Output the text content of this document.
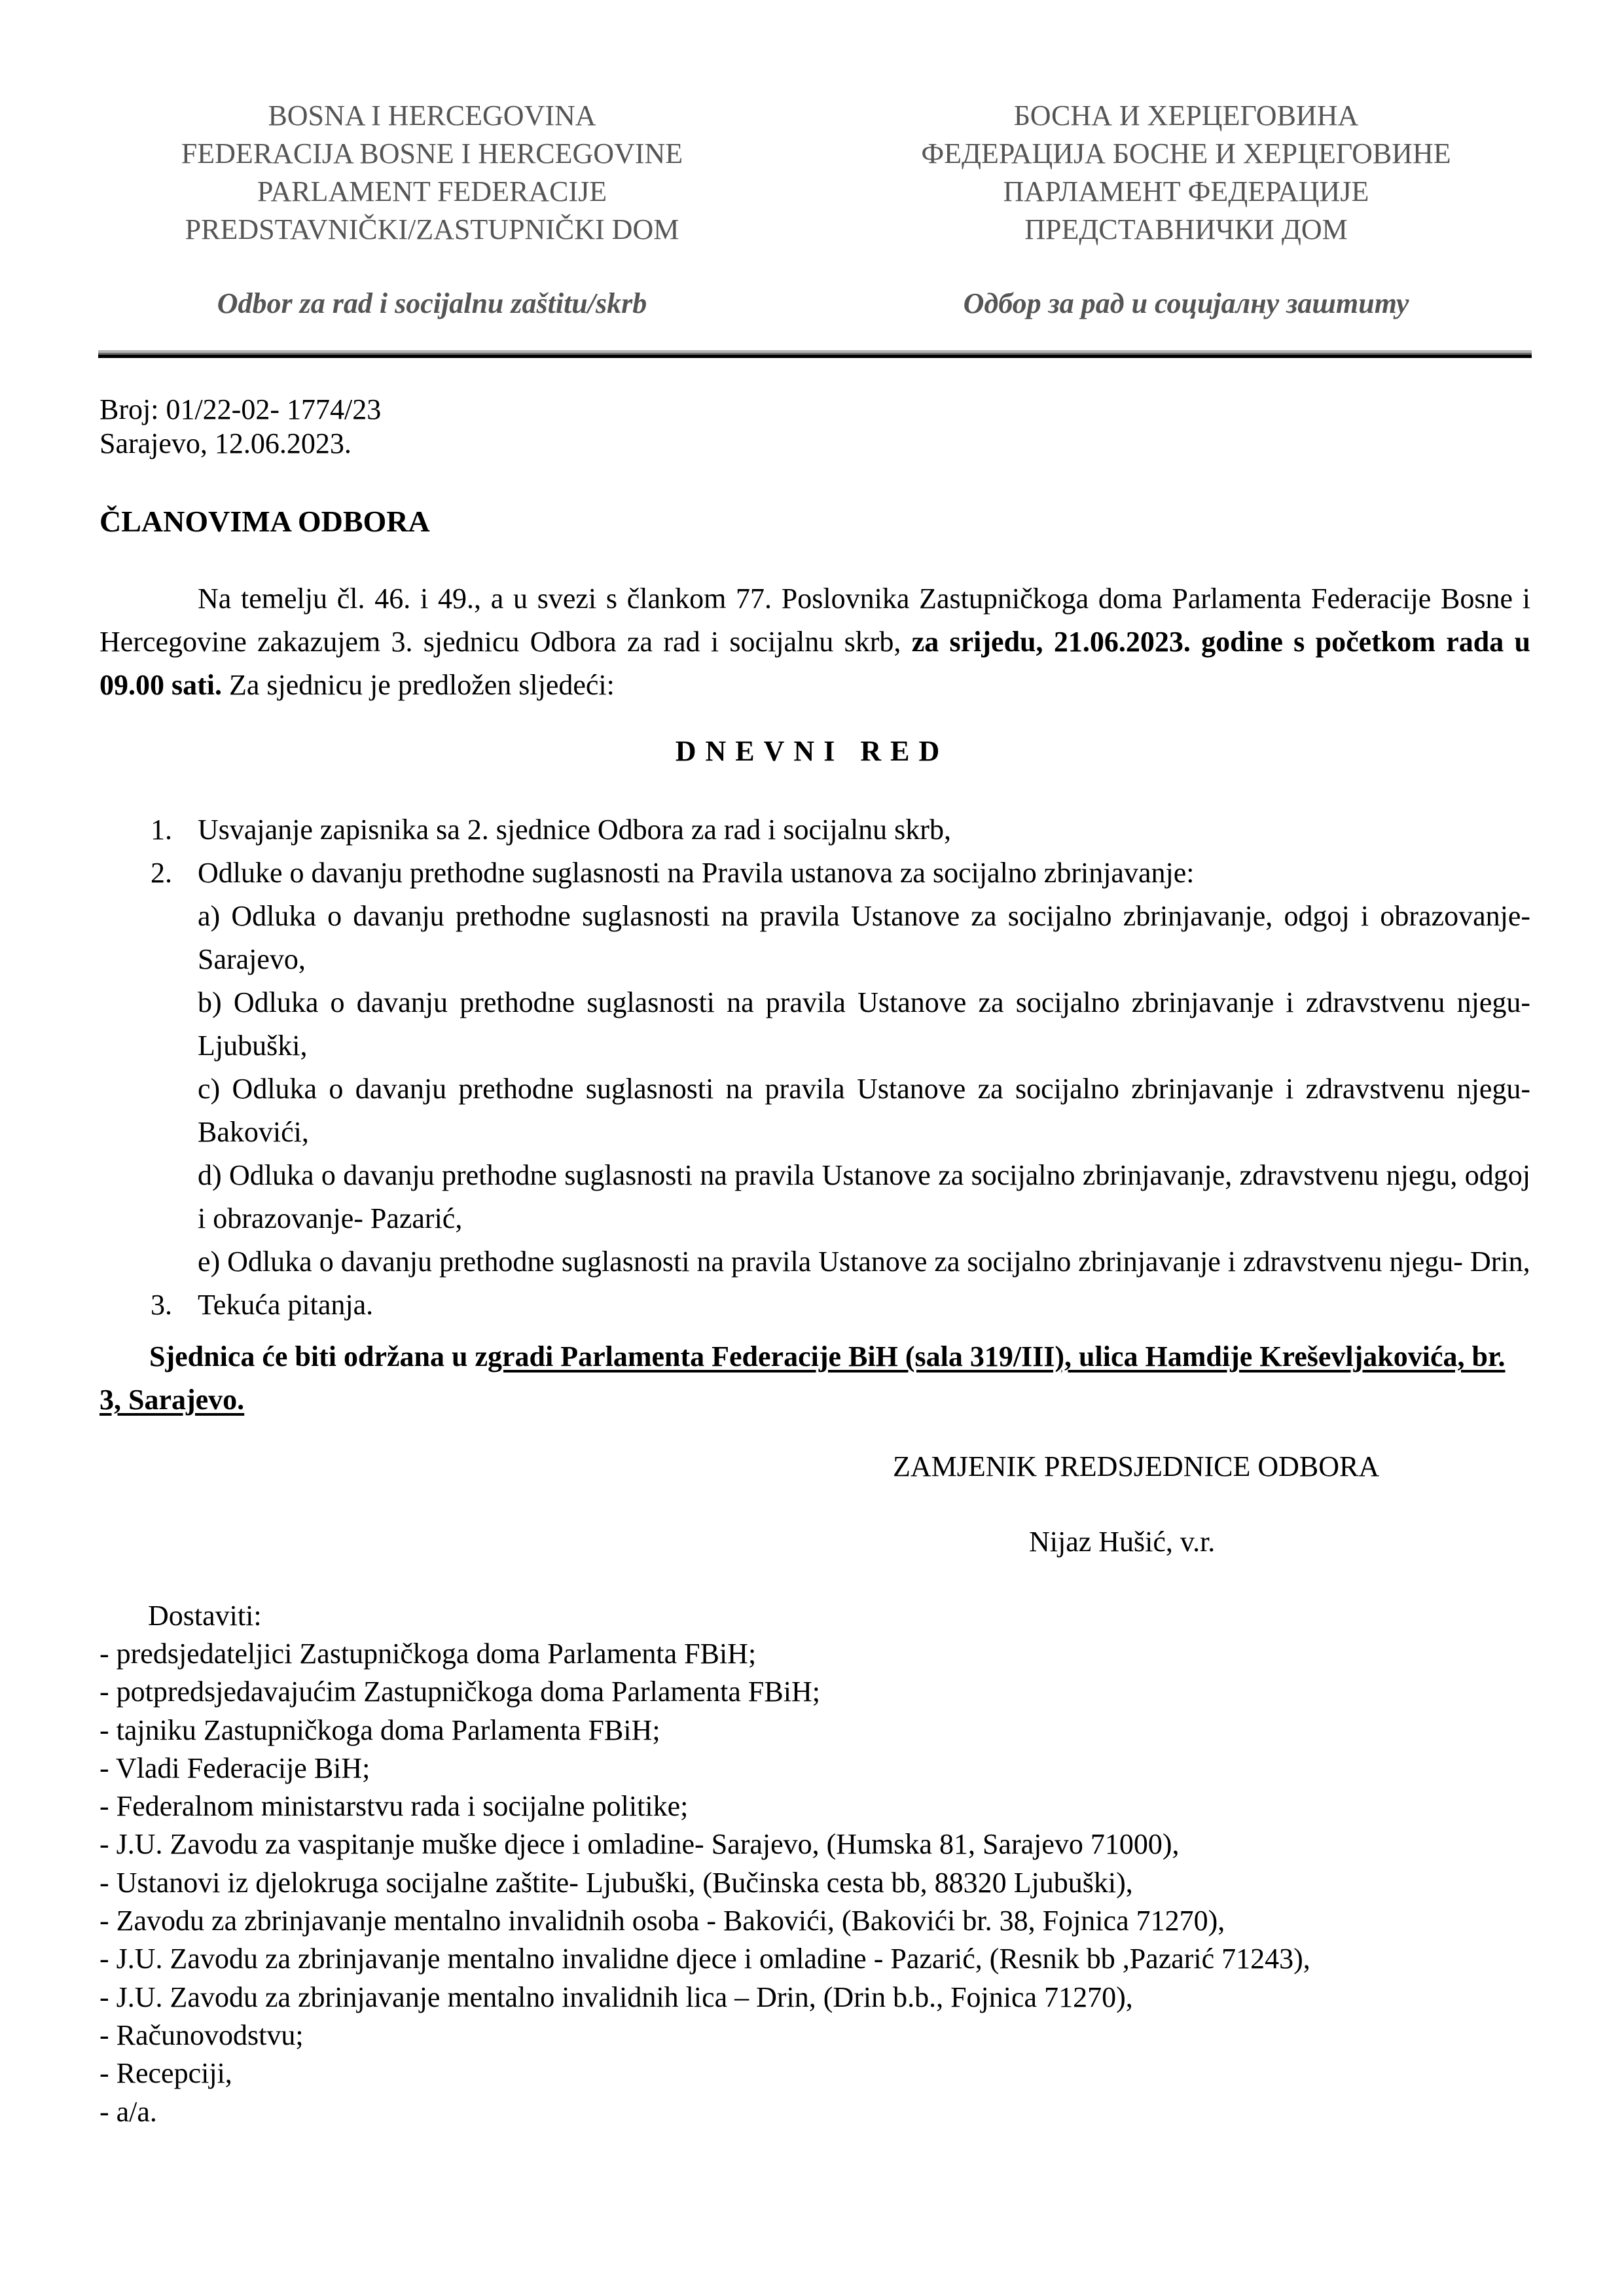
BOSNA I HERCEGOVINA
FEDERACIJA BOSNE I HERCEGOVINE
PARLAMENT FEDERACIJE
PREDSTAVNIČKI/ZASTUPNIČKI DOM
Odbor za rad i socijalnu zaštitu/skrb
БОСНА И ХЕРЦЕГОВИНА
ФЕДЕРАЦИЈА БОСНЕ И ХЕРЦЕГОВИНЕ
ПАРЛАМЕНТ ФЕДЕРАЦИЈЕ
ПРЕДСТАВНИЧКИ ДОМ
Одбор за рад и социјалну заштиту
Broj: 01/22-02- 1774/23
Sarajevo, 12.06.2023.
ČLANOVIMA ODBORA
Na temelju čl. 46. i 49., a u svezi s člankom 77. Poslovnika Zastupničkoga doma Parlamenta Federacije Bosne i Hercegovine zakazujem 3. sjednicu Odbora za rad i socijalnu skrb, za srijedu, 21.06.2023. godine s početkom rada u 09.00 sati. Za sjednicu je predložen sljedeći:
DNEVNI RED
1. Usvajanje zapisnika sa 2. sjednice Odbora za rad i socijalnu skrb,
2. Odluke o davanju prethodne suglasnosti na Pravila ustanova za socijalno zbrinjavanje:
a) Odluka o davanju prethodne suglasnosti na pravila Ustanove za socijalno zbrinjavanje, odgoj i obrazovanje- Sarajevo,
b) Odluka o davanju prethodne suglasnosti na pravila Ustanove za socijalno zbrinjavanje i zdravstvenu njegu- Ljubuški,
c) Odluka o davanju prethodne suglasnosti na pravila Ustanove za socijalno zbrinjavanje i zdravstvenu njegu- Bakovići,
d) Odluka o davanju prethodne suglasnosti na pravila Ustanove za socijalno zbrinjavanje, zdravstvenu njegu, odgoj i obrazovanje- Pazarić,
e) Odluka o davanju prethodne suglasnosti na pravila Ustanove za socijalno zbrinjavanje i zdravstvenu njegu- Drin,
3. Tekuća pitanja.
Sjednica će biti održana u zgradi Parlamenta Federacije BiH (sala 319/III), ulica Hamdije Kreševljakovića, br. 3, Sarajevo.
ZAMJENIK PREDSJEDNICE ODBORA
Nijaz Hušić, v.r.
Dostaviti:
- predsjedateljici Zastupničkoga doma Parlamenta FBiH;
- potpredsjedavajućim Zastupničkoga doma Parlamenta FBiH;
- tajniku Zastupničkoga doma Parlamenta FBiH;
- Vladi Federacije BiH;
- Federalnom ministarstvu rada i socijalne politike;
- J.U. Zavodu za vaspitanje muške djece i omladine- Sarajevo, (Humska 81, Sarajevo 71000),
- Ustanovi iz djelokruga socijalne zaštite- Ljubuški, (Bučinska cesta bb, 88320 Ljubuški),
- Zavodu za zbrinjavanje mentalno invalidnih osoba - Bakovići, (Bakovići br. 38, Fojnica 71270),
- J.U. Zavodu za zbrinjavanje mentalno invalidne djece i omladine - Pazarić, (Resnik bb ,Pazarić 71243),
- J.U. Zavodu za zbrinjavanje mentalno invalidnih lica – Drin, (Drin b.b., Fojnica 71270),
- Računovodstvu;
- Recepciji,
- a/a.
